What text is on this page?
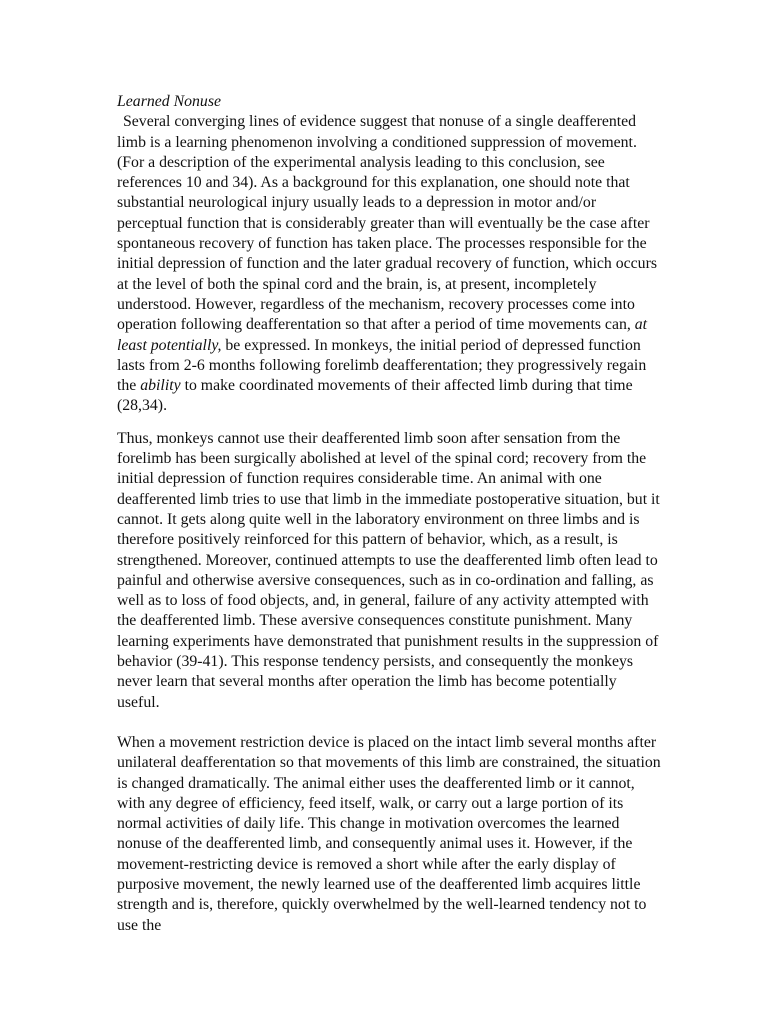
Learned Nonuse

Several converging lines of evidence suggest that nonuse of a single deafferented limb is a learning phenomenon involving a conditioned suppression of movement. (For a description of the experimental analysis leading to this conclusion, see references 10 and 34). As a background for this explanation, one should note that substantial neurological injury usually leads to a depression in motor and/or perceptual function that is considerably greater than will eventually be the case after spontaneous recovery of function has taken place. The processes responsible for the initial depression of function and the later gradual recovery of function, which occurs at the level of both the spinal cord and the brain, is, at present, incompletely understood. However, regardless of the mechanism, recovery processes come into operation following deafferentation so that after a period of time movements can, at least potentially, be expressed. In monkeys, the initial period of depressed function lasts from 2-6 months following forelimb deafferentation; they progressively regain the ability to make coordinated movements of their affected limb during that time (28,34).

Thus, monkeys cannot use their deafferented limb soon after sensation from the forelimb has been surgically abolished at level of the spinal cord; recovery from the initial depression of function requires considerable time. An animal with one deafferented limb tries to use that limb in the immediate postoperative situation, but it cannot. It gets along quite well in the laboratory environment on three limbs and is therefore positively reinforced for this pattern of behavior, which, as a result, is strengthened. Moreover, continued attempts to use the deafferented limb often lead to painful and otherwise aversive consequences, such as in co-ordination and falling, as well as to loss of food objects, and, in general, failure of any activity attempted with the deafferented limb. These aversive consequences constitute punishment. Many learning experiments have demonstrated that punishment results in the suppression of behavior (39-41). This response tendency persists, and consequently the monkeys never learn that several months after operation the limb has become potentially useful.

When a movement restriction device is placed on the intact limb several months after unilateral deafferentation so that movements of this limb are constrained, the situation is changed dramatically. The animal either uses the deafferented limb or it cannot, with any degree of efficiency, feed itself, walk, or carry out a large portion of its normal activities of daily life. This change in motivation overcomes the learned nonuse of the deafferented limb, and consequently animal uses it. However, if the movement-restricting device is removed a short while after the early display of purposive movement, the newly learned use of the deafferented limb acquires little strength and is, therefore, quickly overwhelmed by the well-learned tendency not to use the
